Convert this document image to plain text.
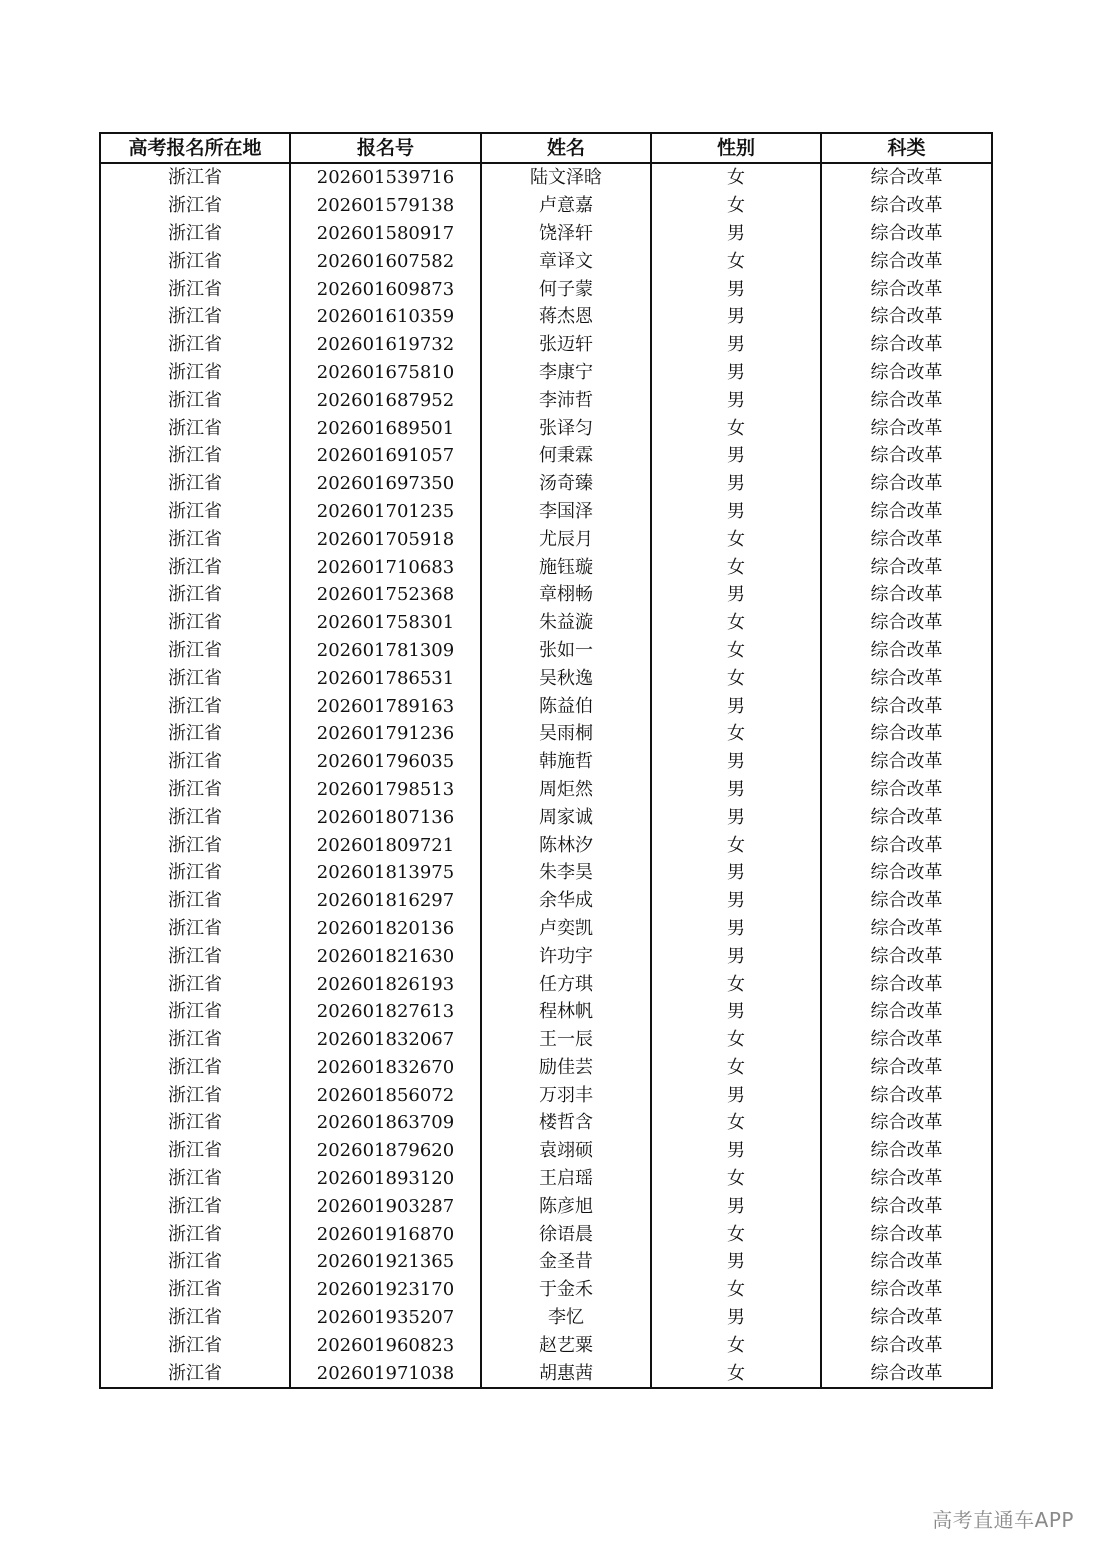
高考报名所在地	报名号	姓名	性别	科类
浙江省	202601539716	陆文泽晗	女	综合改革
浙江省	202601579138	卢意嘉	女	综合改革
浙江省	202601580917	饶泽轩	男	综合改革
浙江省	202601607582	章译文	女	综合改革
浙江省	202601609873	何子蒙	男	综合改革
浙江省	202601610359	蒋杰恩	男	综合改革
浙江省	202601619732	张迈轩	男	综合改革
浙江省	202601675810	李康宁	男	综合改革
浙江省	202601687952	李沛哲	男	综合改革
浙江省	202601689501	张译匀	女	综合改革
浙江省	202601691057	何秉霖	男	综合改革
浙江省	202601697350	汤奇臻	男	综合改革
浙江省	202601701235	李国泽	男	综合改革
浙江省	202601705918	尤辰月	女	综合改革
浙江省	202601710683	施钰璇	女	综合改革
浙江省	202601752368	章栩畅	男	综合改革
浙江省	202601758301	朱益漩	女	综合改革
浙江省	202601781309	张如一	女	综合改革
浙江省	202601786531	吴秋逸	女	综合改革
浙江省	202601789163	陈益伯	男	综合改革
浙江省	202601791236	吴雨桐	女	综合改革
浙江省	202601796035	韩施哲	男	综合改革
浙江省	202601798513	周炬然	男	综合改革
浙江省	202601807136	周家诚	男	综合改革
浙江省	202601809721	陈林汐	女	综合改革
浙江省	202601813975	朱李昊	男	综合改革
浙江省	202601816297	余华成	男	综合改革
浙江省	202601820136	卢奕凯	男	综合改革
浙江省	202601821630	许功宇	男	综合改革
浙江省	202601826193	任方琪	女	综合改革
浙江省	202601827613	程林帆	男	综合改革
浙江省	202601832067	王一辰	女	综合改革
浙江省	202601832670	励佳芸	女	综合改革
浙江省	202601856072	万羽丰	男	综合改革
浙江省	202601863709	楼哲含	女	综合改革
浙江省	202601879620	袁翊硕	男	综合改革
浙江省	202601893120	王启瑶	女	综合改革
浙江省	202601903287	陈彦旭	男	综合改革
浙江省	202601916870	徐语晨	女	综合改革
浙江省	202601921365	金圣昔	男	综合改革
浙江省	202601923170	于金禾	女	综合改革
浙江省	202601935207	李忆	男	综合改革
浙江省	202601960823	赵艺粟	女	综合改革
浙江省	202601971038	胡惠茜	女	综合改革
高考直通车APP
